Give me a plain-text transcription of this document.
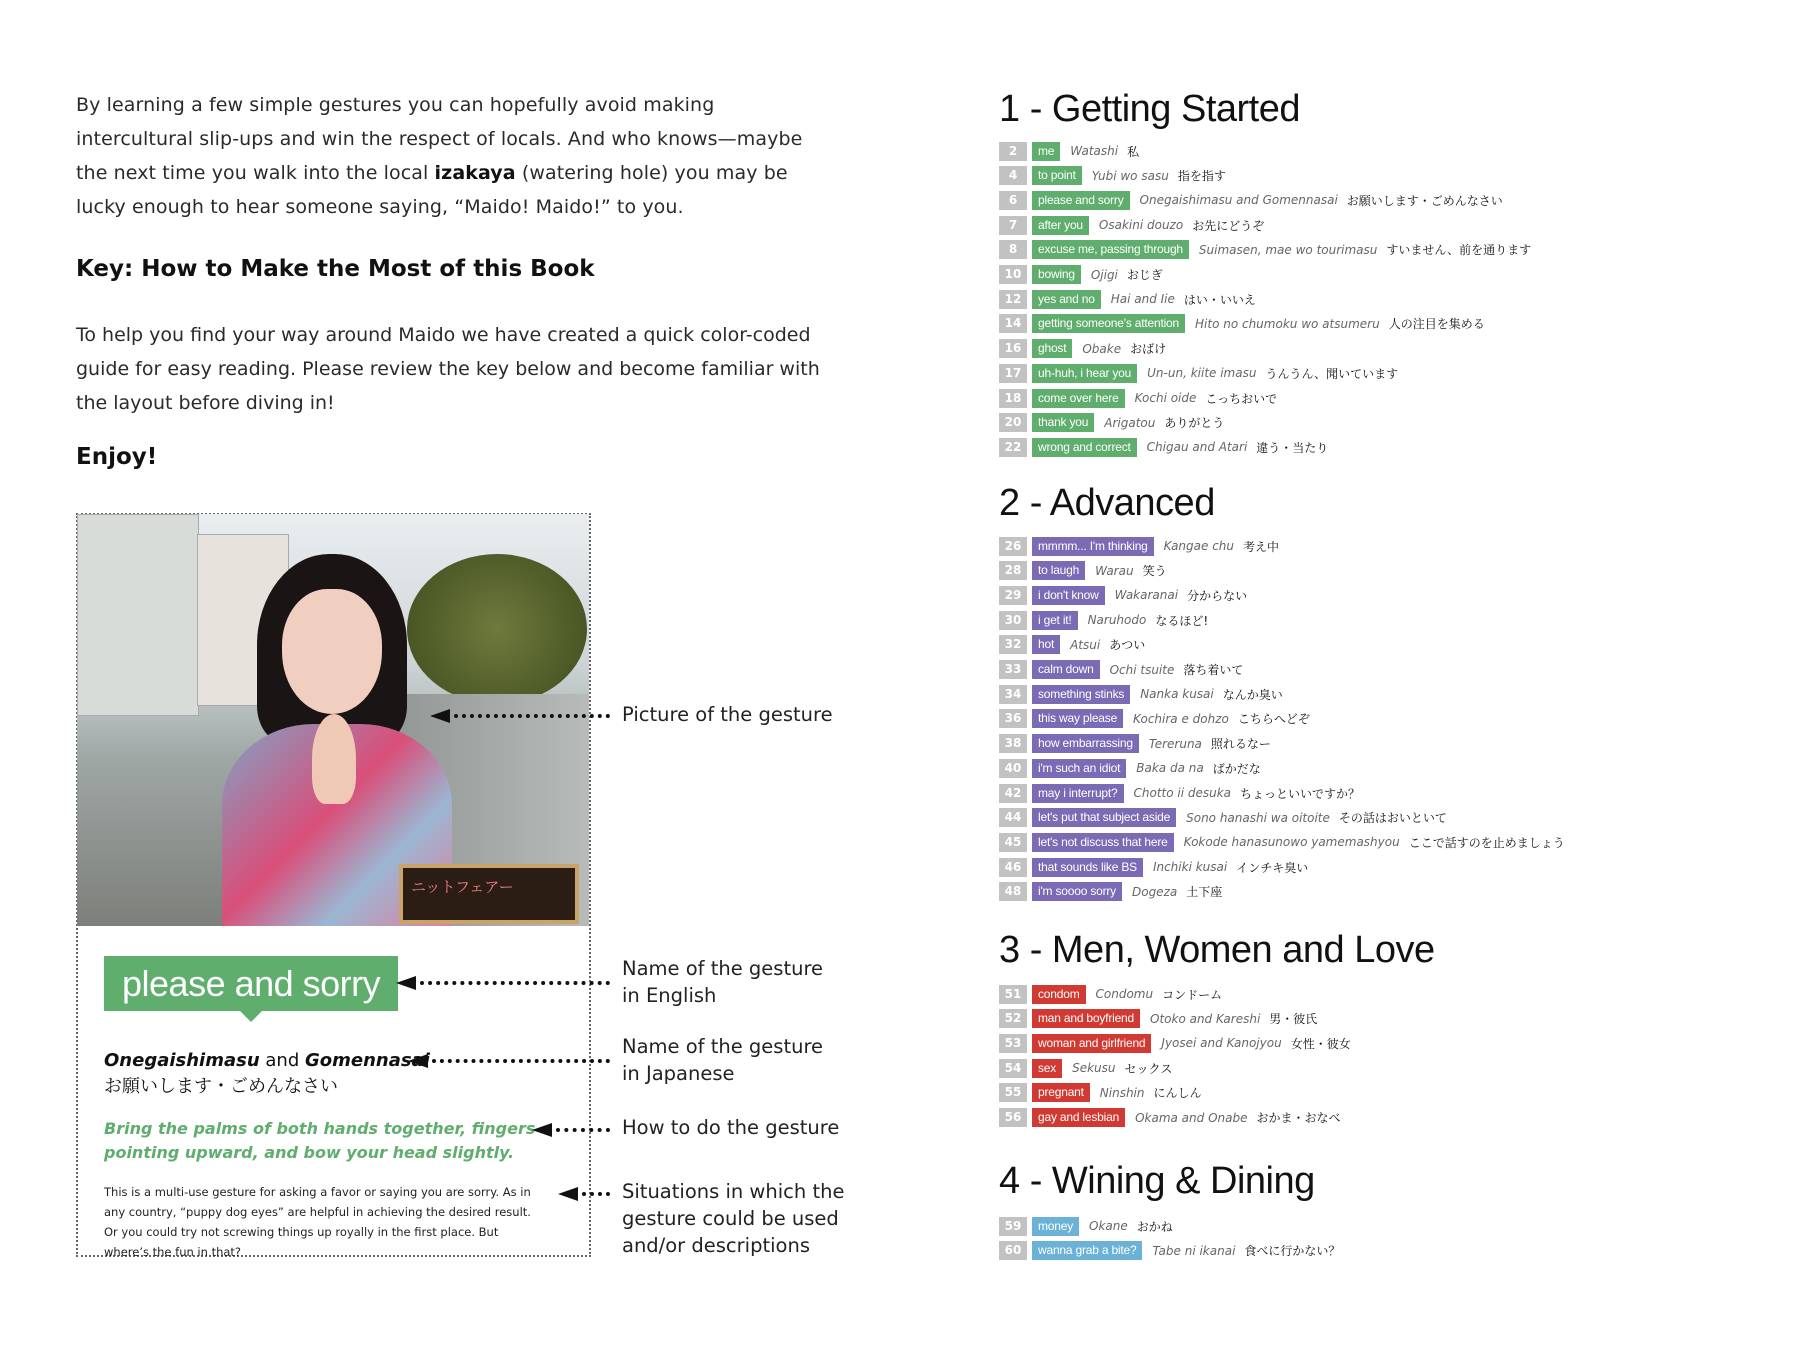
By learning a few simple gestures you can hopefully avoid making intercultural slip-ups and win the respect of locals. And who knows—maybe the next time you walk into the local izakaya (watering hole) you may be lucky enough to hear someone saying, “Maido! Maido!” to you.
Key: How to Make the Most of this Book
To help you find your way around Maido we have created a quick color-coded guide for easy reading. Please review the key below and become familiar with the layout before diving in!
Enjoy!
ニットフェアー
please and sorry
Onegaishimasu and Gomennasai
お願いします・ごめんなさい
Bring the palms of both hands together, fingers pointing upward, and bow your head slightly.
This is a multi-use gesture for asking a favor or saying you are sorry. As in any country, “puppy dog eyes” are helpful in achieving the desired result. Or you could try not screwing things up royally in the first place. But where’s the fun in that?
Picture of the gesture
Name of the gesture
in English
Name of the gesture
in Japanese
How to do the gesture
Situations in which the
gesture could be used
and/or descriptions
1 - Getting Started
2	me	Watashi 私
4	to point	Yubi wo sasu 指を指す
6	please and sorry	Onegaishimasu and Gomennasai お願いします・ごめんなさい
7	after you	Osakini douzo お先にどうぞ
8	excuse me, passing through	Suimasen, mae wo tourimasu すいません、前を通ります
10	bowing	Ojigi おじぎ
12	yes and no	Hai and Iie はい・いいえ
14	getting someone's attention	Hito no chumoku wo atsumeru 人の注目を集める
16	ghost	Obake おばけ
17	uh-huh, i hear you	Un-un, kiite imasu うんうん、聞いています
18	come over here	Kochi oide こっちおいで
20	thank you	Arigatou ありがとう
22	wrong and correct	Chigau and Atari 違う・当たり
2 - Advanced
26	mmmm... I'm thinking	Kangae chu 考え中
28	to laugh	Warau 笑う
29	i don't know	Wakaranai 分からない
30	i get it!	Naruhodo なるほど!
32	hot	Atsui あつい
33	calm down	Ochi tsuite 落ち着いて
34	something stinks	Nanka kusai なんか臭い
36	this way please	Kochira e dohzo こちらへどぞ
38	how embarrassing	Tereruna 照れるなー
40	i'm such an idiot	Baka da na ばかだな
42	may i interrupt?	Chotto ii desuka ちょっといいですか？
44	let's put that subject aside	Sono hanashi wa oitoite その話はおいといて
45	let's not discuss that here	Kokode hanasunowo yamemashyou ここで話すのを止めましょう
46	that sounds like BS	Inchiki kusai インチキ臭い
48	i'm soooo sorry	Dogeza 土下座
3 - Men, Women and Love
51	condom	Condomu コンドーム
52	man and boyfriend	Otoko and Kareshi 男・彼氏
53	woman and girlfriend	Jyosei and Kanojyou 女性・彼女
54	sex	Sekusu セックス
55	pregnant	Ninshin にんしん
56	gay and lesbian	Okama and Onabe おかま・おなべ
4 - Wining & Dining
59	money	Okane おかね
60	wanna grab a bite?	Tabe ni ikanai 食べに行かない？
